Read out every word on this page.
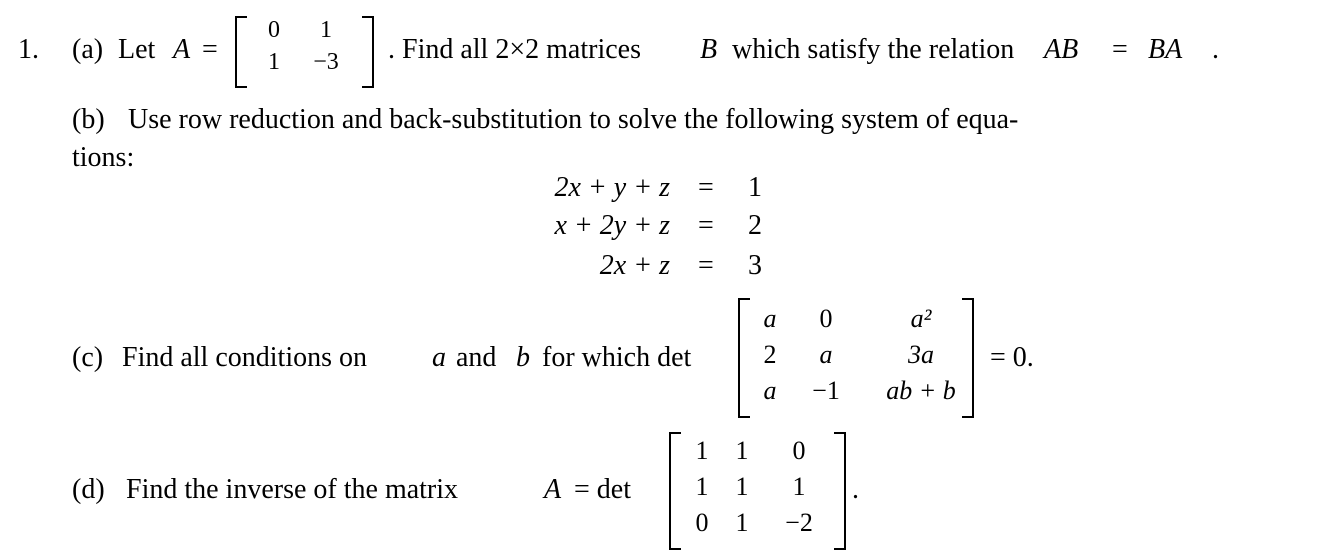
1. (a) Let A =
0	1
1	−3	. Find all 2×2 matrices B which satisfy the relation AB = BA .
(b) Use row reduction and back-substitution to solve the following system of equa-
tions:
2x + y + z = 1
x + 2y + z = 2
2x + z = 3
(c) Find all conditions on a and b for which det
a	0	a²
2	a	3a
a	−1	ab + b
= 0.
(d) Find the inverse of the matrix	A = det
1	1	0
1	1	1
0	1	−2
.
